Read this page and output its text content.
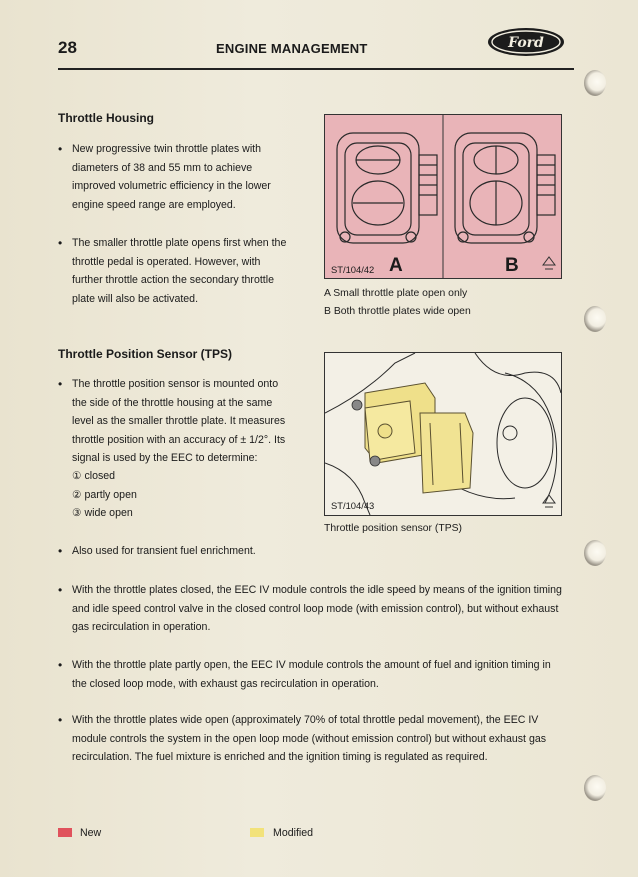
28	ENGINE MANAGEMENT	Ford
Throttle Housing
• New progressive twin throttle plates with
diameters of 38 and 55 mm to achieve
improved volumetric efficiency in the lower
engine speed range are employed.
• The smaller throttle plate opens first when the
throttle pedal is operated. However, with
further throttle action the secondary throttle
plate will also be activated.
A	B
ST/104/42
A Small throttle plate open only
B Both throttle plates wide open
Throttle Position Sensor (TPS)
• The throttle position sensor is mounted onto
the side of the throttle housing at the same
level as the smaller throttle plate. It measures
throttle position with an accuracy of ± 1/2°. Its
signal is used by the EEC to determine:
① closed
② partly open
③ wide open
• Also used for transient fuel enrichment.
ST/104/43
Throttle position sensor (TPS)
• With the throttle plates closed, the EEC IV module controls the idle speed by means of the ignition timing
and idle speed control valve in the closed control loop mode (with emission control), but without exhaust
gas recirculation in operation.
• With the throttle plate partly open, the EEC IV module controls the amount of fuel and ignition timing in
the closed loop mode, with exhaust gas recirculation in operation.
• With the throttle plates wide open (approximately 70% of total throttle pedal movement), the EEC IV
module controls the system in the open loop mode (without emission control) but without exhaust gas
recirculation. The fuel mixture is enriched and the ignition timing is regulated as required.
New	Modified
